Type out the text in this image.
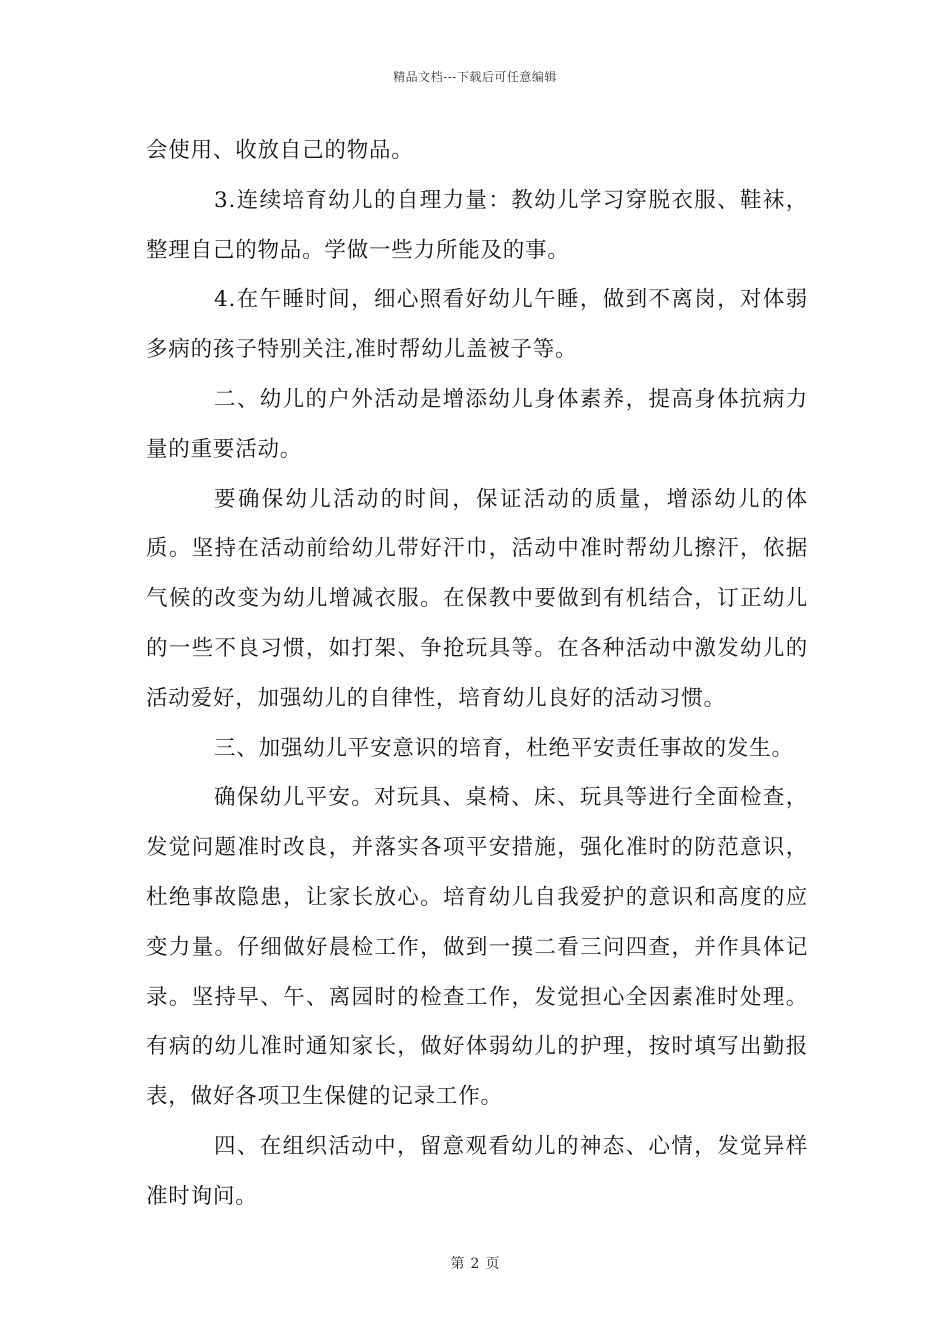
精品文档---下载后可任意编辑

会使用、收放自己的物品。

3.连续培育幼儿的自理力量：教幼儿学习穿脱衣服、鞋袜，整理自己的物品。学做一些力所能及的事。

4.在午睡时间，细心照看好幼儿午睡，做到不离岗，对体弱多病的孩子特别关注,准时帮幼儿盖被子等。

二、幼儿的户外活动是增添幼儿身体素养，提高身体抗病力量的重要活动。

要确保幼儿活动的时间，保证活动的质量，增添幼儿的体质。坚持在活动前给幼儿带好汗巾，活动中准时帮幼儿擦汗，依据气候的改变为幼儿增减衣服。在保教中要做到有机结合，订正幼儿的一些不良习惯，如打架、争抢玩具等。在各种活动中激发幼儿的活动爱好，加强幼儿的自律性，培育幼儿良好的活动习惯。

三、加强幼儿平安意识的培育，杜绝平安责任事故的发生。

确保幼儿平安。对玩具、桌椅、床、玩具等进行全面检查，发觉问题准时改良，并落实各项平安措施，强化准时的防范意识，杜绝事故隐患，让家长放心。培育幼儿自我爱护的意识和高度的应变力量。仔细做好晨检工作，做到一摸二看三问四查，并作具体记录。坚持早、午、离园时的检查工作，发觉担心全因素准时处理。有病的幼儿准时通知家长，做好体弱幼儿的护理，按时填写出勤报表，做好各项卫生保健的记录工作。

四、在组织活动中，留意观看幼儿的神态、心情，发觉异样准时询问。

第 2 页
